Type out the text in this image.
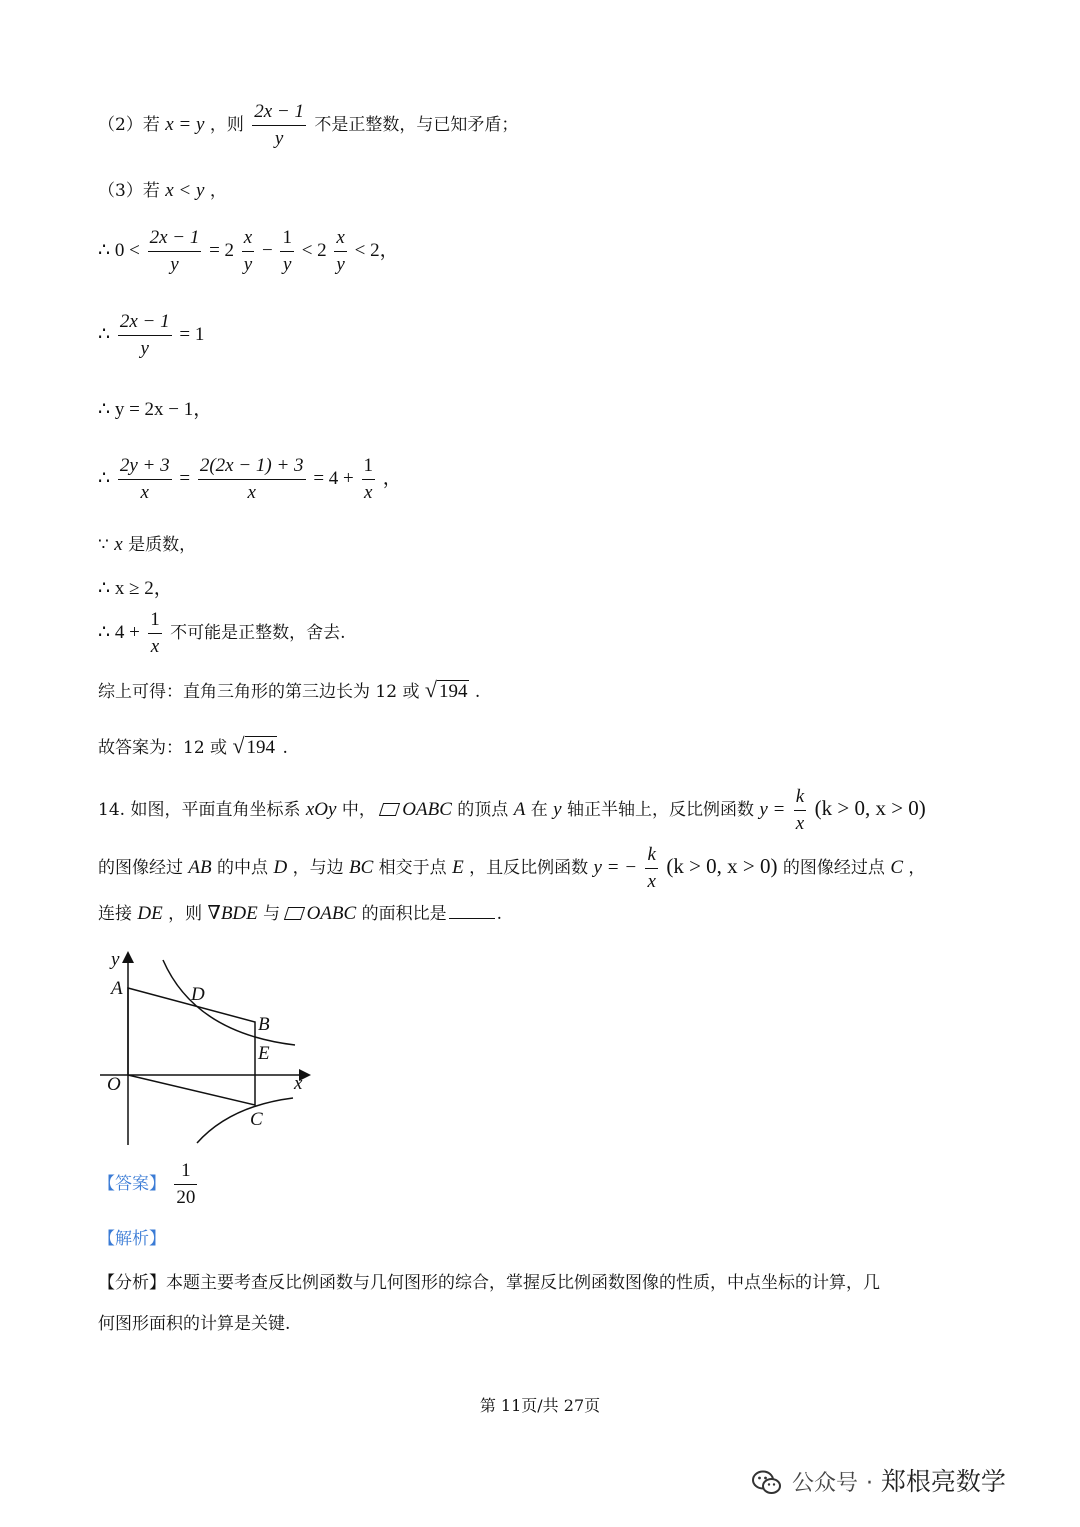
（2）若 x = y ，则 $\frac{2x - 1}{y}$ 不是正整数，与已知矛盾；
（3）若 x < y ，
∴ $0 < \frac{2x - 1}{y} = 2 \frac{x}{y} - \frac{1}{y} < 2 \frac{x}{y} < 2$，
∴ $\frac{2x - 1}{y} = 1$
∴ y = 2x − 1，
∴ $\frac{2y + 3}{x} = \frac{2(2x - 1) + 3}{x} = 4 + \frac{1}{x}$ ，
∵ x 是质数，
∴ x ≥ 2，
∴ $4 + \frac{1}{x}$ 不可能是正整数，舍去.
综上可得：直角三角形的第三边长为 12 或 √ 194 .
故答案为：12 或 √ 194 .
14. 如图，平面直角坐标系 xOy 中， OABC 的顶点 A 在 y 轴正半轴上，反比例函数 $y = \frac{k}{x} (k > 0$, x > 0)
的图像经过 AB 的中点 D ，与边 BC 相交于点 E ，且反比例函数 y = − $\frac{k}{x} (k > 0$, x > 0) 的图像经过点 C ，
连接 DE ，则 ∇BDE 与 OABC 的面积比是	.
y
x
O
A	D
B
E
C
【答案】 $\frac{1}{20}$
【解析】
【分析】本题主要考查反比例函数与几何图形的综合，掌握反比例函数图像的性质，中点坐标的计算，几
何图形面积的计算是关键.
第 11页/共 27页
公众号 · 郑根亮数学
